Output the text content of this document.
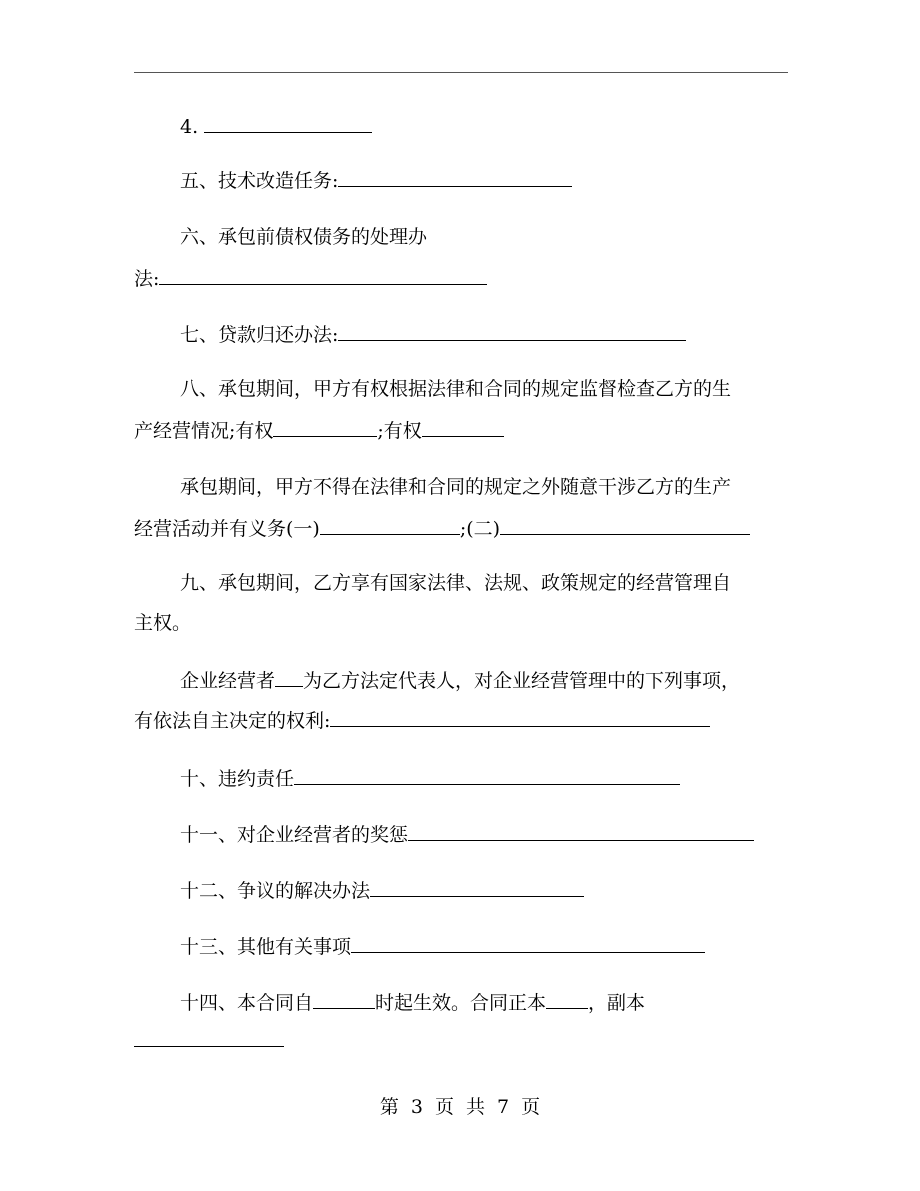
4.
五、技术改造任务:
六、承包前债权债务的处理办
法:
七、贷款归还办法:
八、承包期间，甲方有权根据法律和合同的规定监督检查乙方的生
产经营情况;有权	;有权
承包期间，甲方不得在法律和合同的规定之外随意干涉乙方的生产
经营活动并有义务(一)	;(二)
九、承包期间，乙方享有国家法律、法规、政策规定的经营管理自
主权。
企业经营者 为乙方法定代表人，对企业经营管理中的下列事项，
有依法自主决定的权利:
十、违约责任
十一、对企业经营者的奖惩
十二、争议的解决办法
十三、其他有关事项
十四、本合同自	时起生效。合同正本 ，副本
第 3 页 共 7 页
